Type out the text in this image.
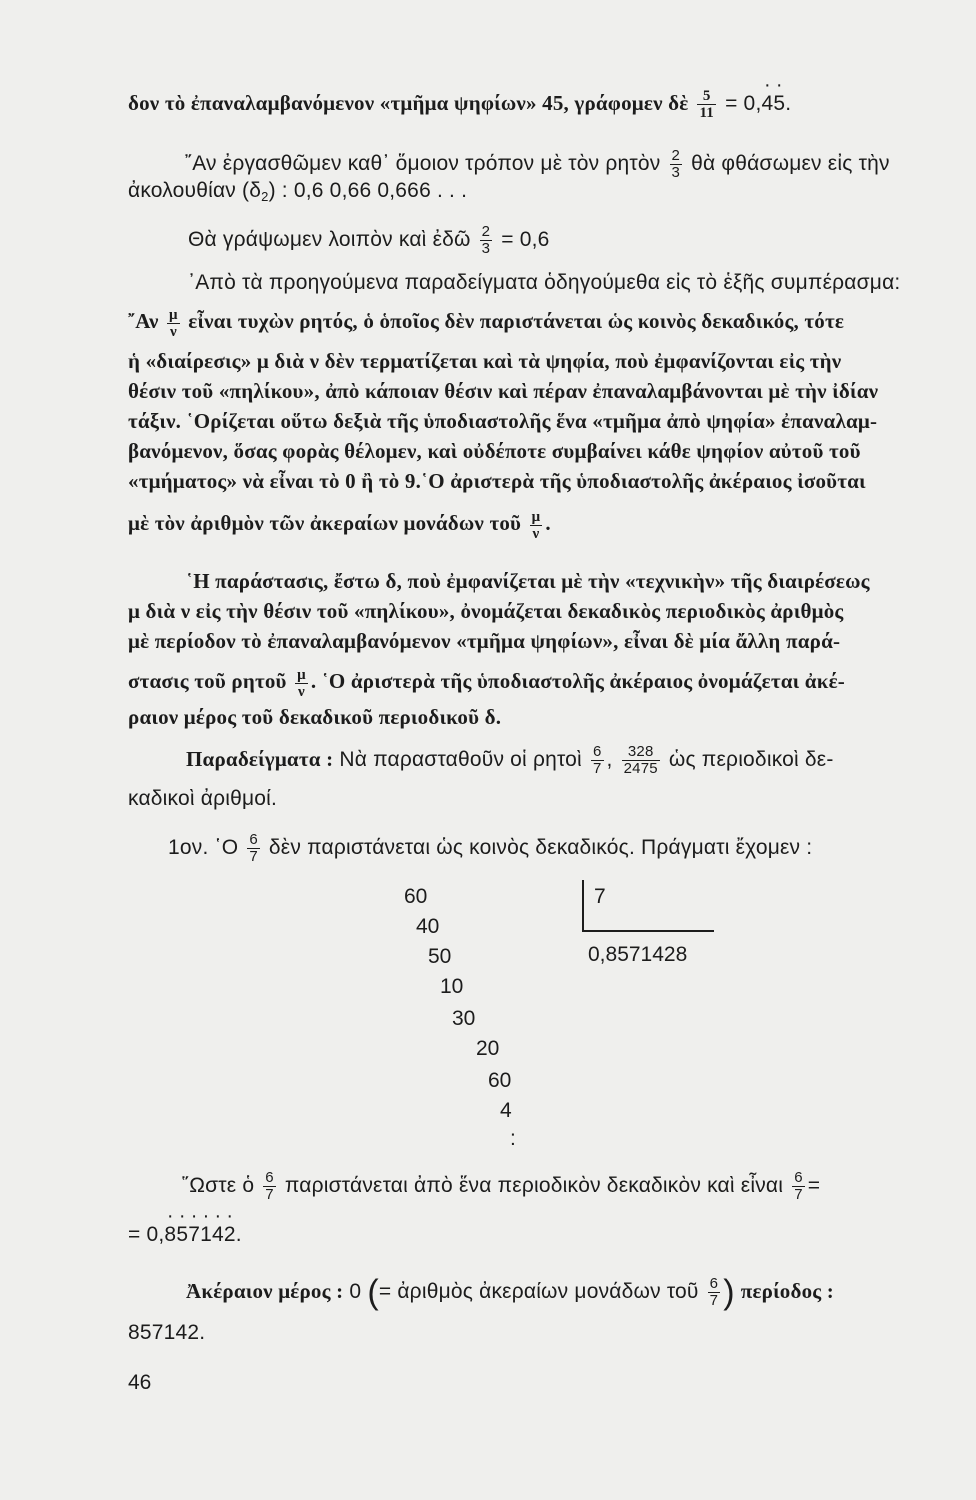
δον τὸ ἐπαναλαμβανόμενον «τμῆμα ψηφίων» 45, γράφομεν δὲ $\frac{5}{11} = 0,\cdot 4\cdot 5$.
῎Αν ἐργασθῶμεν καθ᾽ ὅμοιον τρόπον μὲ τὸν ρητὸν $\frac{2}{3}$ θὰ φθάσωμεν εἰς τὴν
ἀκολουθίαν $(\delta_2)$ : 0,6 0,66 0,666 . . .
Θὰ γράψωμεν λοιπὸν καὶ ἐδῶ $\frac{2}{3} = 0,6$
᾽Απὸ τὰ προηγούμενα παραδείγματα ὁδηγούμεθα εἰς τὸ ἑξῆς συμπέρασμα:
῎Αν $\frac{\mu}{\nu}$ εἶναι τυχὼν ρητός, ὁ ὁποῖος δὲν παριστάνεται ὡς κοινὸς δεκαδικός, τότε
ἡ «διαίρεσις» μ διὰ ν δὲν τερματίζεται καὶ τὰ ψηφία, ποὺ ἐμφανίζονται εἰς τὴν
θέσιν τοῦ «πηλίκου», ἀπὸ κάποιαν θέσιν καὶ πέραν ἐπαναλαμβάνονται μὲ τὴν ἰδίαν
τάξιν. ῾Ορίζεται οὕτω δεξιὰ τῆς ὑποδιαστολῆς ἕνα «τμῆμα ἀπὸ ψηφία» ἐπαναλαμ-
βανόμενον, ὅσας φορὰς θέλομεν, καὶ οὐδέποτε συμβαίνει κάθε ψηφίον αὐτοῦ τοῦ
«τμήματος» νὰ εἶναι τὸ 0 ἢ τὸ 9.῾Ο ἀριστερὰ τῆς ὑποδιαστολῆς ἀκέραιος ἰσοῦται
μὲ τὸν ἀριθμὸν τῶν ἀκεραίων μονάδων τοῦ $\frac{\mu}{\nu}$ .
῾Η παράστασις, ἔστω δ, ποὺ ἐμφανίζεται μὲ τὴν «τεχνικὴν» τῆς διαιρέσεως
μ διὰ ν εἰς τὴν θέσιν τοῦ «πηλίκου», ὀνομάζεται δεκαδικὸς περιοδικὸς ἀριθμὸς
μὲ περίοδον τὸ ἐπαναλαμβανόμενον «τμῆμα ψηφίων», εἶναι δὲ μία ἄλλη παρά-
στασις τοῦ ρητοῦ $\frac{\mu}{\nu}$ . ῾Ο ἀριστερὰ τῆς ὑποδιαστολῆς ἀκέραιος ὀνομάζεται ἀκέ-
ραιον μέρος τοῦ δεκαδικοῦ περιοδικοῦ δ.
Παραδείγματα : Νὰ παρασταθοῦν οἱ ρητοὶ $\frac{6}{7}$ , $\frac{328}{2475}$ ὡς περιοδικοὶ δε-
καδικοὶ ἀριθμοί.
1ον. ῾Ο $\frac{6}{7}$ δὲν παριστάνεται ὡς κοινὸς δεκαδικός. Πράγματι ἔχομεν :
60
40
50
10
30
20
60
4
:
7
0,8571428
῞Ωστε ὁ $\frac{6}{7}$ παριστάνεται ἀπὸ ἕνα περιοδικὸν δεκαδικὸν καὶ εἶναι $\frac{6}{7}$ =
= 0,· 8· 5· 7· 1· 4· 2.
Ἀκέραιον μέρος : 0 (= ἀριθμὸς ἀκεραίων μονάδων τοῦ $\frac{6}{7}$ ) περίοδος :
857142.
46
